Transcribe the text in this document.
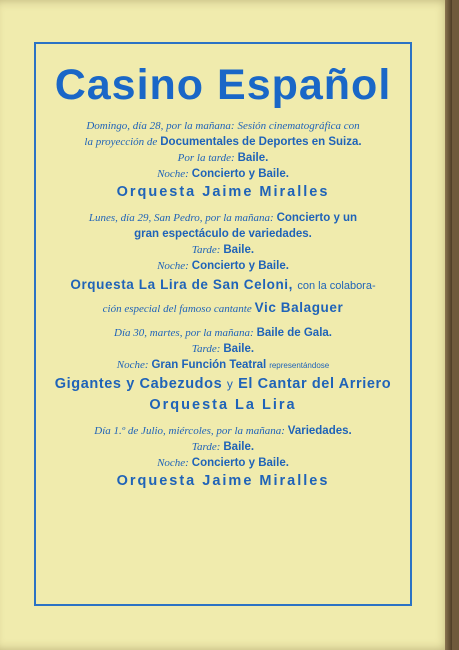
Casino Español

Domingo, día 28, por la mañana: Sesión cinematográfica con

la proyección de Documentales de Deportes en Suiza.

Por la tarde: Baile.

Noche: Concierto y Baile.

Orquesta Jaime Miralles

Lunes, día 29, San Pedro, por la mañana: Concierto y un

gran espectáculo de variedades.

Tarde: Baile.

Noche: Concierto y Baile.

Orquesta La Lira de San Celoni, con la colabora-

ción especial del famoso cantante Vic Balaguer

Día 30, martes, por la mañana: Baile de Gala.

Tarde: Baile.

Noche: Gran Función Teatral representándose

Gigantes y Cabezudos y El Cantar del Arriero
Orquesta La Lira

Día 1.º de Julio, miércoles, por la mañana: Variedades.

Tarde: Baile.

Noche: Concierto y Baile.

Orquesta Jaime Miralles
